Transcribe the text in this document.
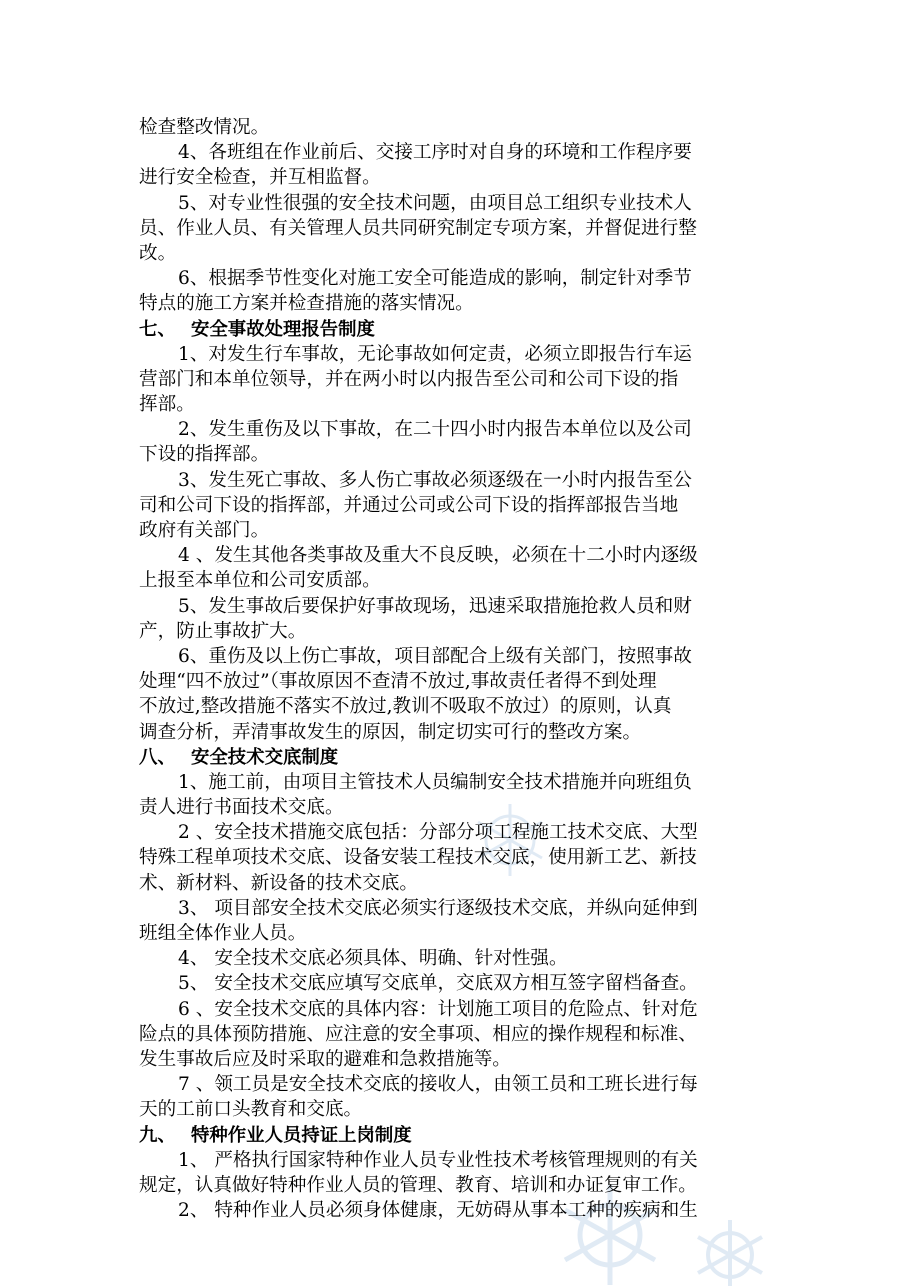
检查整改情况。
4、各班组在作业前后、交接工序时对自身的环境和工作程序要
进行安全检查，并互相监督。
5、对专业性很强的安全技术问题，由项目总工组织专业技术人
员、作业人员、有关管理人员共同研究制定专项方案，并督促进行整
改。
6、根据季节性变化对施工安全可能造成的影响，制定针对季节
特点的施工方案并检查措施的落实情况。
七、 安全事故处理报告制度
1、对发生行车事故，无论事故如何定责，必须立即报告行车运
营部门和本单位领导，并在两小时以内报告至公司和公司下设的指
挥部。
2、发生重伤及以下事故，在二十四小时内报告本单位以及公司
下设的指挥部。
3、发生死亡事故、多人伤亡事故必须逐级在一小时内报告至公
司和公司下设的指挥部，并通过公司或公司下设的指挥部报告当地
政府有关部门。
4 、发生其他各类事故及重大不良反映，必须在十二小时内逐级
上报至本单位和公司安质部。
5、发生事故后要保护好事故现场，迅速采取措施抢救人员和财
产，防止事故扩大。
6、重伤及以上伤亡事故，项目部配合上级有关部门，按照事故
处理“四不放过”（事故原因不查清不放过,事故责任者得不到处理
不放过,整改措施不落实不放过,教训不吸取不放过）的原则，认真
调查分析，弄清事故发生的原因，制定切实可行的整改方案。
八、 安全技术交底制度
1、施工前，由项目主管技术人员编制安全技术措施并向班组负
责人进行书面技术交底。
2 、安全技术措施交底包括：分部分项工程施工技术交底、大型
特殊工程单项技术交底、设备安装工程技术交底，使用新工艺、新技
术、新材料、新设备的技术交底。
3、 项目部安全技术交底必须实行逐级技术交底，并纵向延伸到
班组全体作业人员。
4、 安全技术交底必须具体、明确、针对性强。
5、 安全技术交底应填写交底单，交底双方相互签字留档备查。
6 、安全技术交底的具体内容：计划施工项目的危险点、针对危
险点的具体预防措施、应注意的安全事项、相应的操作规程和标准、
发生事故后应及时采取的避难和急救措施等。
7 、领工员是安全技术交底的接收人，由领工员和工班长进行每
天的工前口头教育和交底。
九、 特种作业人员持证上岗制度
1、 严格执行国家特种作业人员专业性技术考核管理规则的有关
规定，认真做好特种作业人员的管理、教育、培训和办证复审工作。
2、 特种作业人员必须身体健康，无妨碍从事本工种的疾病和生
